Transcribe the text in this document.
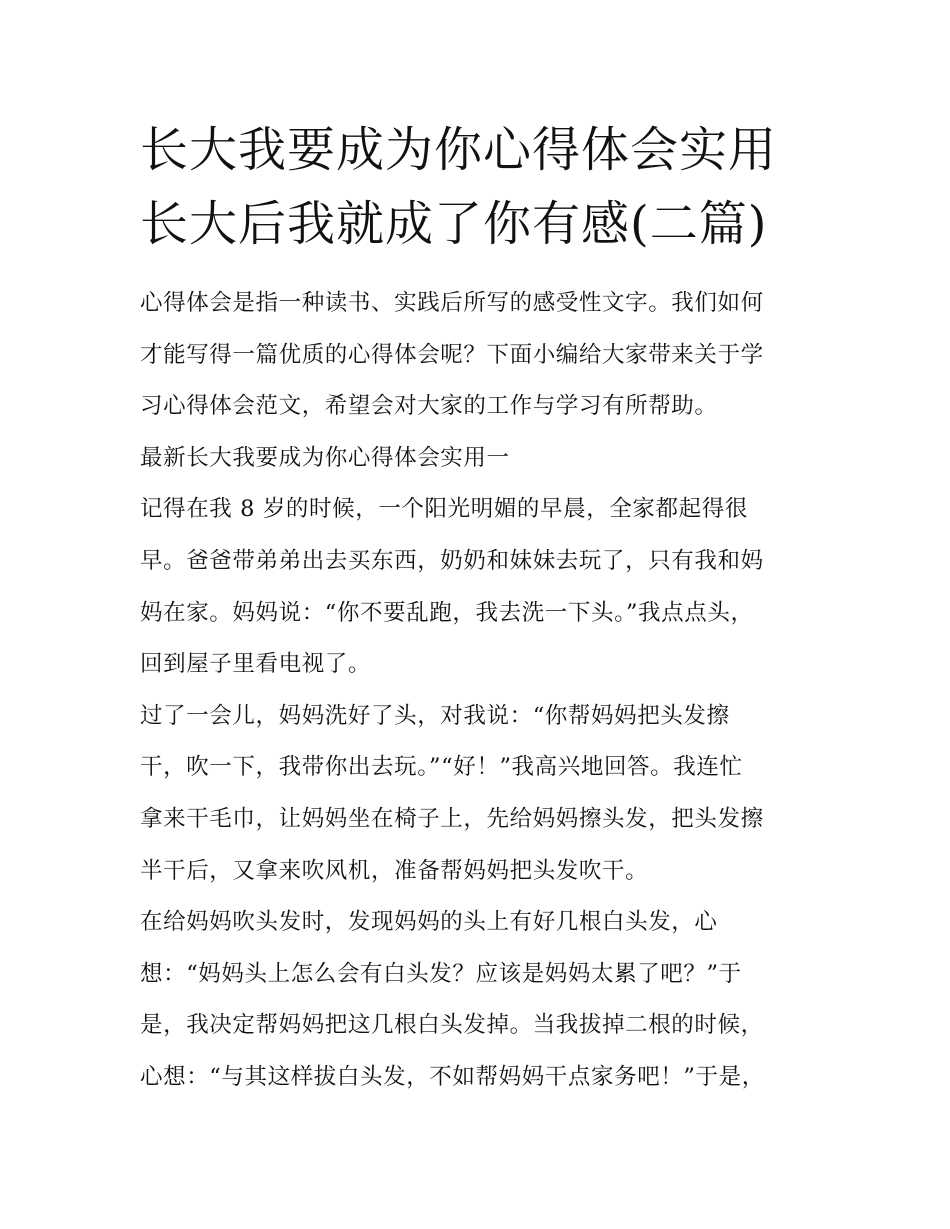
长大我要成为你心得体会实用
长大后我就成了你有感(二篇)
心得体会是指一种读书、实践后所写的感受性文字。我们如何
才能写得一篇优质的心得体会呢？下面小编给大家带来关于学
习心得体会范文，希望会对大家的工作与学习有所帮助。
最新长大我要成为你心得体会实用一
记得在我 8 岁的时候，一个阳光明媚的早晨，全家都起得很
早。爸爸带弟弟出去买东西，奶奶和妹妹去玩了，只有我和妈
妈在家。妈妈说：“你不要乱跑，我去洗一下头。”我点点头，
回到屋子里看电视了。
过了一会儿，妈妈洗好了头，对我说：“你帮妈妈把头发擦
干，吹一下，我带你出去玩。”“好！”我高兴地回答。我连忙
拿来干毛巾，让妈妈坐在椅子上，先给妈妈擦头发，把头发擦
半干后，又拿来吹风机，准备帮妈妈把头发吹干。
在给妈妈吹头发时，发现妈妈的头上有好几根白头发，心
想：“妈妈头上怎么会有白头发？应该是妈妈太累了吧？”于
是，我决定帮妈妈把这几根白头发掉。当我拔掉二根的时候，
心想：“与其这样拔白头发，不如帮妈妈干点家务吧！”于是，
